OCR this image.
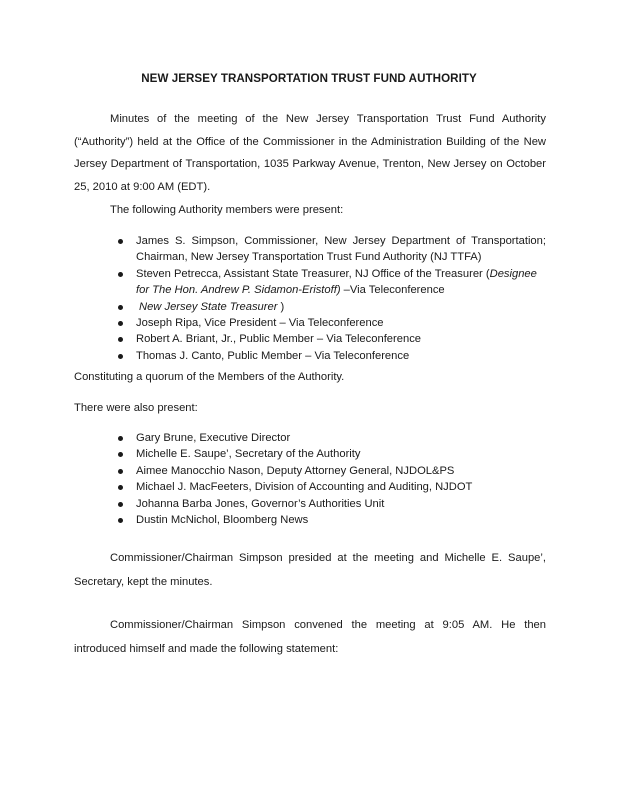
NEW JERSEY TRANSPORTATION TRUST FUND AUTHORITY
Minutes of the meeting of the New Jersey Transportation Trust Fund Authority
(“Authority”) held at the Office of the Commissioner in the Administration Building of the New
Jersey Department of Transportation, 1035 Parkway Avenue, Trenton, New Jersey on October
25, 2010 at 9:00 AM (EDT).

The following Authority members were present:

James S. Simpson, Commissioner, New Jersey Department of Transportation;
Chairman, New Jersey Transportation Trust Fund Authority (NJ TTFA)
Steven Petrecca, Assistant State Treasurer, NJ Office of the Treasurer (Designee
for The Hon. Andrew P. Sidamon-Eristoff) –Via Teleconference
New Jersey State Treasurer )
Joseph Ripa, Vice President – Via Teleconference
Robert A. Briant, Jr., Public Member – Via Teleconference
Thomas J. Canto, Public Member – Via Teleconference

Constituting a quorum of the Members of the Authority.

There were also present:

Gary Brune, Executive Director
Michelle E. Saupe’, Secretary of the Authority
Aimee Manocchio Nason, Deputy Attorney General, NJDOL&PS
Michael J. MacFeeters, Division of Accounting and Auditing, NJDOT
Johanna Barba Jones, Governor’s Authorities Unit
Dustin McNichol, Bloomberg News
Commissioner/Chairman Simpson presided at the meeting and Michelle E. Saupe’,
Secretary, kept the minutes.
Commissioner/Chairman Simpson convened the meeting at 9:05 AM. He then
introduced himself and made the following statement:
